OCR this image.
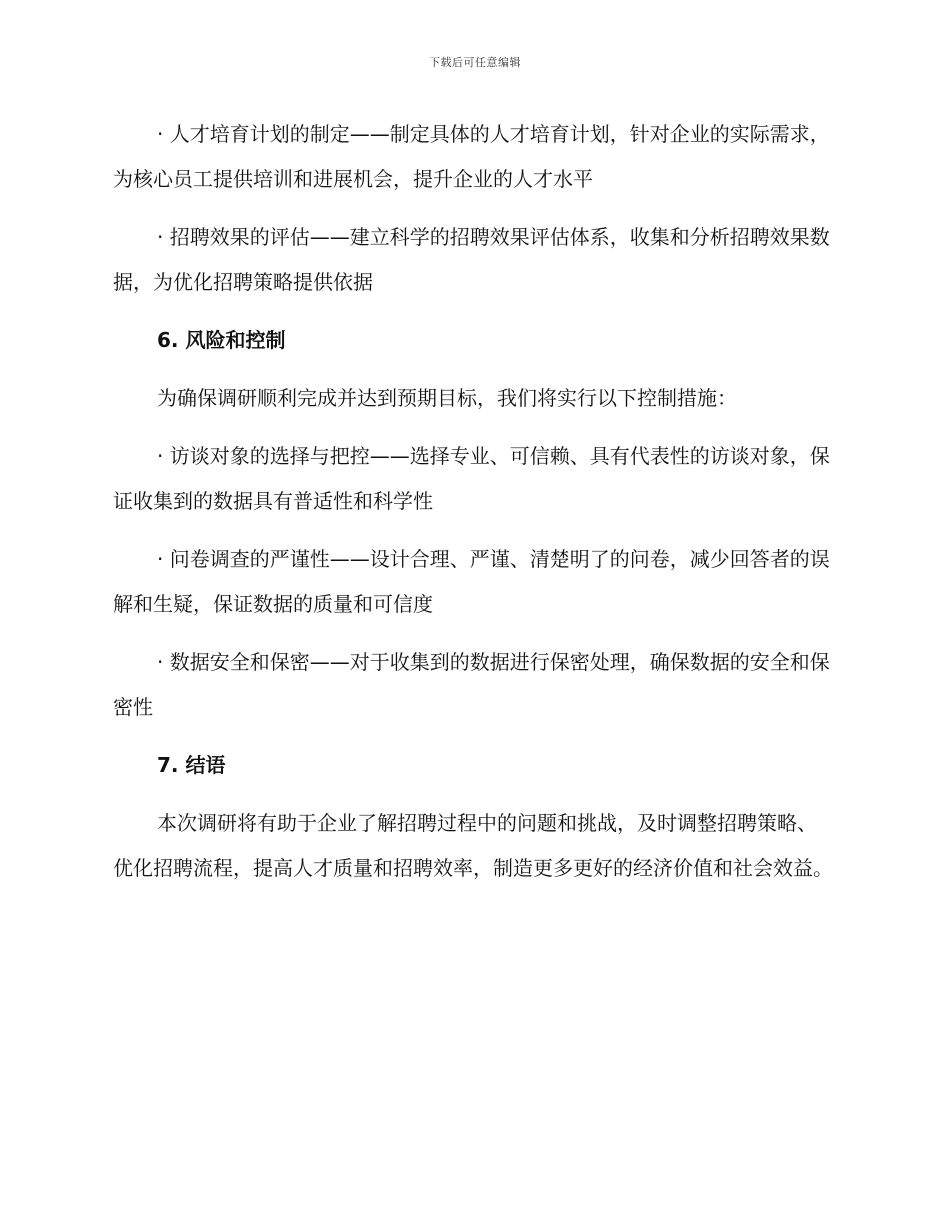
下载后可任意编辑

· 人才培育计划的制定——制定具体的人才培育计划，针对企业的实际需求，为核心员工提供培训和进展机会，提升企业的人才水平

· 招聘效果的评估——建立科学的招聘效果评估体系，收集和分析招聘效果数据，为优化招聘策略提供依据

6. 风险和控制

为确保调研顺利完成并达到预期目标，我们将实行以下控制措施：

· 访谈对象的选择与把控——选择专业、可信赖、具有代表性的访谈对象，保证收集到的数据具有普适性和科学性

· 问卷调查的严谨性——设计合理、严谨、清楚明了的问卷，减少回答者的误解和生疑，保证数据的质量和可信度

· 数据安全和保密——对于收集到的数据进行保密处理，确保数据的安全和保密性

7. 结语

本次调研将有助于企业了解招聘过程中的问题和挑战，及时调整招聘策略、优化招聘流程，提高人才质量和招聘效率，制造更多更好的经济价值和社会效益。
